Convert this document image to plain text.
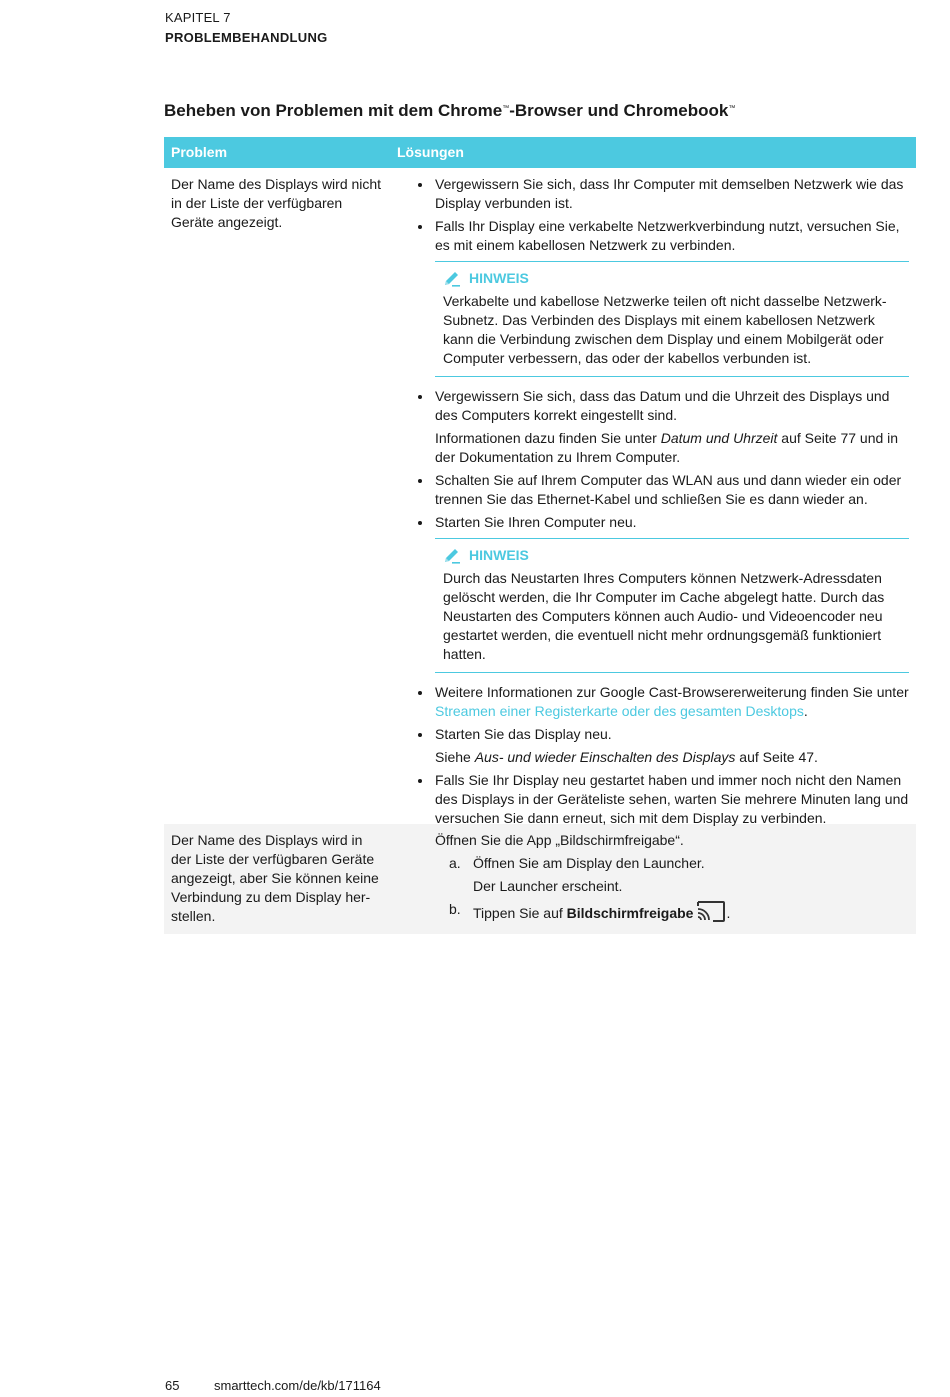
KAPITEL 7
PROBLEMBEHANDLUNG
Beheben von Problemen mit dem Chrome™-Browser und Chromebook™
Problem	Lösungen
Der Name des Displays wird nicht in der Liste der verfügbaren Geräte angezeigt.
Vergewissern Sie sich, dass Ihr Computer mit demselben Netzwerk wie das Display verbunden ist.
Falls Ihr Display eine verkabelte Netzwerkverbindung nutzt, versuchen Sie, es mit einem kabellosen Netzwerk zu verbinden.
HINWEIS

Verkabelte und kabellose Netzwerke teilen oft nicht dasselbe Netzwerk-Subnetz. Das Verbinden des Displays mit einem kabellosen Netzwerk kann die Verbindung zwischen dem Display und einem Mobilgerät oder Computer verbessern, das oder der kabellos verbunden ist.

Vergewissern Sie sich, dass das Datum und die Uhrzeit des Displays und des Computers korrekt eingestellt sind.

Informationen dazu finden Sie unter Datum und Uhrzeit auf Seite 77 und in der Dokumentation zu Ihrem Computer.

Schalten Sie auf Ihrem Computer das WLAN aus und dann wieder ein oder trennen Sie das Ethernet-Kabel und schließen Sie es dann wieder an.
Starten Sie Ihren Computer neu.
HINWEIS

Durch das Neustarten Ihres Computers können Netzwerk-Adressdaten gelöscht werden, die Ihr Computer im Cache abgelegt hatte. Durch das Neustarten des Computers können auch Audio- und Videoencoder neu gestartet werden, die eventuell nicht mehr ordnungsgemäß funktioniert hatten.

Weitere Informationen zur Google Cast-Browsererweiterung finden Sie unter Streamen einer Registerkarte oder des gesamten Desktops.

Starten Sie das Display neu.

Siehe Aus- und wieder Einschalten des Displays auf Seite 47.

Falls Sie Ihr Display neu gestartet haben und immer noch nicht den Namen des Displays in der Geräteliste sehen, warten Sie mehrere Minuten lang und versuchen Sie dann erneut, sich mit dem Display zu verbinden.
Der Name des Displays wird in der Liste der verfügbaren Geräte angezeigt, aber Sie können keine Verbindung zu dem Display her-stellen.

Öffnen Sie die App „Bildschirmfreigabe“.

a. Öffnen Sie am Display den Launcher.

Der Launcher erscheint.

b. Tippen Sie auf Bildschirmfreigabe .

65	smarttech.com/de/kb/171164
